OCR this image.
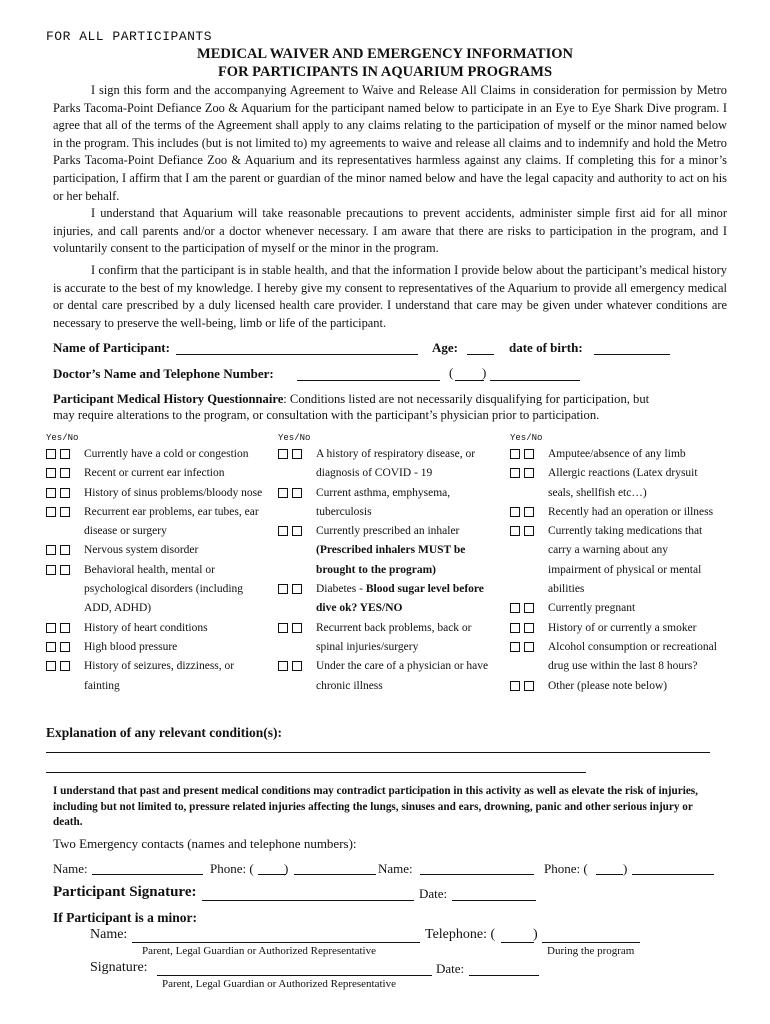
FOR ALL PARTICIPANTS
MEDICAL WAIVER AND EMERGENCY INFORMATION
FOR PARTICIPANTS IN AQUARIUM PROGRAMS

I sign this form and the accompanying Agreement to Waive and Release All Claims in consideration for permission by Metro Parks Tacoma-Point Defiance Zoo & Aquarium for the participant named below to participate in an Eye to Eye Shark Dive program. I agree that all of the terms of the Agreement shall apply to any claims relating to the participation of myself or the minor named below in the program. This includes (but is not limited to) my agreements to waive and release all claims and to indemnify and hold the Metro Parks Tacoma-Point Defiance Zoo & Aquarium and its representatives harmless against any claims. If completing this for a minor’s participation, I affirm that I am the parent or guardian of the minor named below and have the legal capacity and authority to act on his or her behalf.

I understand that Aquarium will take reasonable precautions to prevent accidents, administer simple first aid for all minor injuries, and call parents and/or a doctor whenever necessary. I am aware that there are risks to participation in the program, and I voluntarily consent to the participation of myself or the minor in the program.

I confirm that the participant is in stable health, and that the information I provide below about the participant’s medical history is accurate to the best of my knowledge. I hereby give my consent to representatives of the Aquarium to provide all emergency medical or dental care prescribed by a duly licensed health care provider. I understand that care may be given under whatever conditions are necessary to preserve the well-being, limb or life of the participant.

Name of Participant:	Age:	date of birth:
Doctor’s Name and Telephone Number:	( )
Participant Medical History Questionnaire: Conditions listed are not necessarily disqualifying for participation, but
may require alterations to the program, or consultation with the participant’s physician prior to participation.
Yes/No	Yes/No	Yes/No
Currently have a cold or congestion
Recent or current ear infection
History of sinus problems/bloody nose
Recurrent ear problems, ear tubes, ear
disease or surgery
Nervous system disorder
Behavioral health, mental or
psychological disorders (including
ADD, ADHD)
History of heart conditions
High blood pressure
History of seizures, dizziness, or
fainting
A history of respiratory disease, or
diagnosis of COVID - 19
Current asthma, emphysema,
tuberculosis
Currently prescribed an inhaler
(Prescribed inhalers MUST be
brought to the program)
Diabetes - Blood sugar level before
dive ok? YES/NO
Recurrent back problems, back or
spinal injuries/surgery
Under the care of a physician or have
chronic illness
Amputee/absence of any limb
Allergic reactions (Latex drysuit
seals, shellfish etc…)
Recently had an operation or illness
Currently taking medications that
carry a warning about any
impairment of physical or mental
abilities
Currently pregnant
History of or currently a smoker
Alcohol consumption or recreational
drug use within the last 8 hours?
Other (please note below)
Explanation of any relevant condition(s):
I understand that past and present medical conditions may contradict participation in this activity as well as elevate the risk of injuries, including but not limited to, pressure related injuries affecting the lungs, sinuses and ears, drowning, panic and other serious injury or death.
Two Emergency contacts (names and telephone numbers):
Name:	Phone: ( )	Name:	Phone: (	)
Participant Signature:	Date:
If Participant is a minor:
Name:	Telephone: (	)
Parent, Legal Guardian or Authorized Representative	During the program
Signature:	Date:
Parent, Legal Guardian or Authorized Representative
